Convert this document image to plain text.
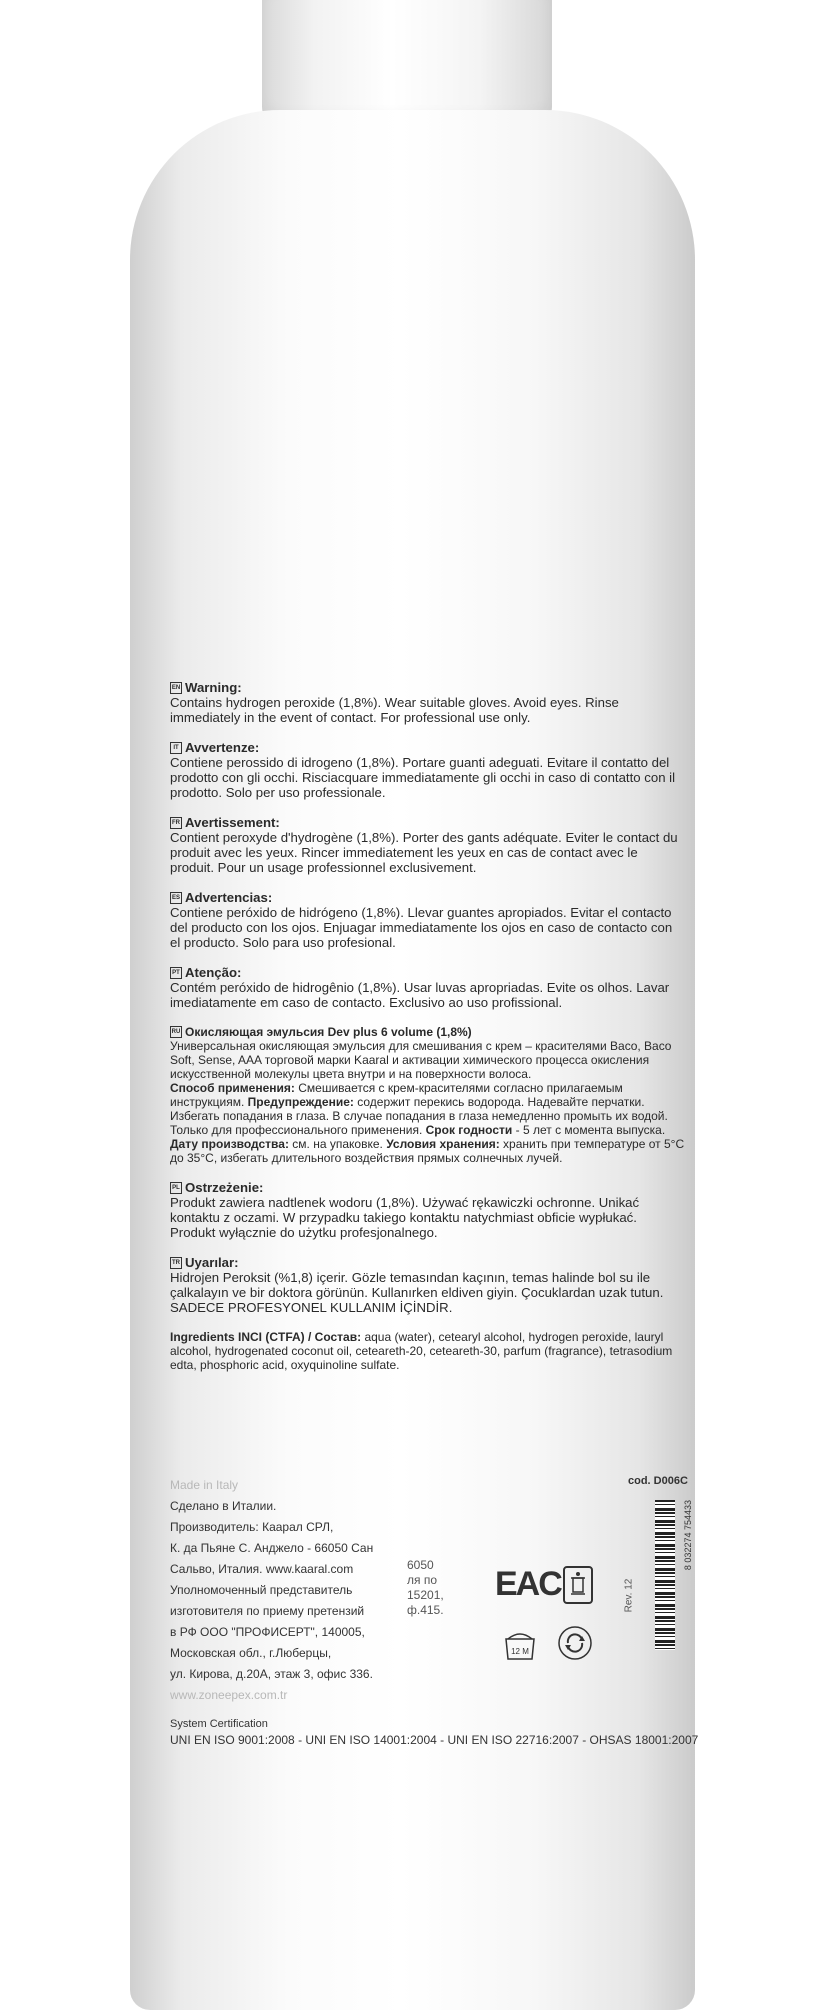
EN Warning:
Contains hydrogen peroxide (1,8%). Wear suitable gloves. Avoid eyes. Rinse immediately in the event of contact. For professional use only.
IT Avvertenze:
Contiene perossido di idrogeno (1,8%). Portare guanti adeguati. Evitare il contatto del prodotto con gli occhi. Risciacquare immediatamente gli occhi in caso di contatto con il prodotto. Solo per uso professionale.
FR Avertissement:
Contient peroxyde d'hydrogène (1,8%). Porter des gants adéquate. Eviter le contact du produit avec les yeux. Rincer immediatement les yeux en cas de contact avec le produit. Pour un usage professionnel exclusivement.
ES Advertencias:
Contiene peróxido de hidrógeno (1,8%). Llevar guantes apropiados. Evitar el contacto del producto con los ojos. Enjuagar immediatamente los ojos en caso de contacto con el producto. Solo para uso profesional.
PT Atenção:
Contém peróxido de hidrogênio (1,8%). Usar luvas apropriadas. Evite os olhos. Lavar imediatamente em caso de contacto. Exclusivo ao uso profissional.
RU Окисляющая эмульсия Dev plus 6 volume (1,8%)
Универсальная окисляющая эмульсия для смешивания с крем – красителями Baco, Baco Soft, Sense, AAA торговой марки Kaaral и активации химического процесса окисления искусственной молекулы цвета внутри и на поверхности волоса.
Способ применения: Смешивается с крем-красителями согласно прилагаемым инструкциям. Предупреждение: содержит перекись водорода. Надевайте перчатки. Избегать попадания в глаза. В случае попадания в глаза немедленно промыть их водой. Только для профессионального применения. Срок годности - 5 лет с момента выпуска. Дату производства: см. на упаковке. Условия хранения: хранить при температуре от 5°С до 35°С, избегать длительного воздействия прямых солнечных лучей.
PL Ostrzeżenie:
Produkt zawiera nadtlenek wodoru (1,8%). Używać rękawiczki ochronne. Unikać kontaktu z oczami. W przypadku takiego kontaktu natychmiast obficie wypłukać. Produkt wyłącznie do użytku profesjonalnego.
TR Uyarılar:
Hidrojen Peroksit (%1,8) içerir. Gözle temasından kaçının, temas halinde bol su ile çalkalayın ve bir doktora görünün. Kullanırken eldiven giyin. Çocuklardan uzak tutun. SADECE PROFESYONEL KULLANIM İÇİNDİR.
Ingredients INCI (CTFA) / Состав: aqua (water), cetearyl alcohol, hydrogen peroxide, lauryl alcohol, hydrogenated coconut oil, ceteareth-20, ceteareth-30, parfum (fragrance), tetrasodium edta, phosphoric acid, oxyquinoline sulfate.
Made in Italy
Сделано в Италии.
Производитель: Каарал СРЛ,
К. да Пьяне С. Анджело - 66050 Сан
Сальво, Италия. www.kaaral.com
Уполномоченный представитель
изготовителя по приему претензий
в РФ ООО "ПРОФИСЕРТ", 140005,
Московская обл., г.Люберцы,
ул. Кирова, д.20А, этаж 3, офис 336.
www.zoneepex.com.tr
6050
ля по
15201,
ф.415.
cod. D006C
EAC
12 M
Rev. 12
8 032274 754433
System Certification
UNI EN ISO 9001:2008 - UNI EN ISO 14001:2004 - UNI EN ISO 22716:2007 - OHSAS 18001:2007
